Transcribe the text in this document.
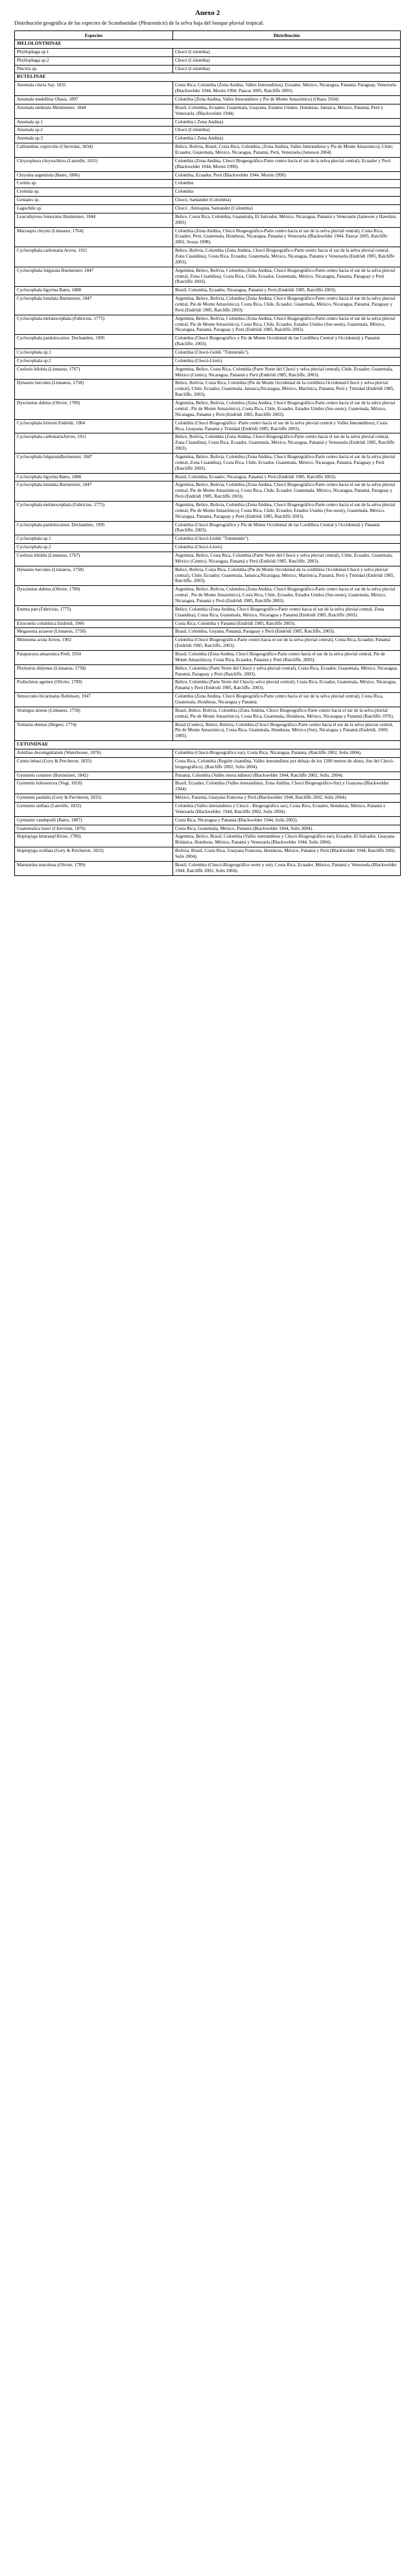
Anexo 2
Distribución geográfica de las especies de Scarabaeidae (Pleurosticti) de la selva baja del bosque pluvial tropical.
Especies	Distribución
MELOLONTHINAE	
Phyllophaga sp.1	Chocó (Colombia)
Phyllophaga sp.2	Chocó (Colombia)
Plectris sp.	Chocó (Colombia)
RUTELINAE	
Anomala cincta Say, 1835	Costa Rica, Colombia (Zona Andina, Valles Interandinos), Ecuador, México, Nicaragua, Panamá, Paraguay, Venezuela (Blackwelder 1944, Morón 1994; Paucar 2005, Ratcliffe 2003)
Anomala medellina Ohaus, 1897	Colombia (Zona Andina, Valles Interandinos y Pie de Monte Amazónico) (Ohaus 1934)
Anomala undulata Meisheimer, 1844	Brasil, Colombia, Ecuador, Guatemala, Guayana, Estados Unidos, Honduras, Jamaica, México, Panamá, Perú y Venezuela. (Blackwelder 1944)
Anomala sp.1	Colombia ( Zona Andina)
Anomala sp.2	Chocó (Colombia)
Anomala sp.3	Colombia ( Zona Andina)
Callistethus cupricolis (Chevrolat, 1834)	Belice, Bolivia, Brasil, Costa Rica, Colombia, (Zona Andina, Valles Interandinos y Pie de Monte Amazónico), Chile; Ecuador, Guatemala, México, Nicaragua, Panamá, Perú, Venezuela (Jameson 2004)
Chrysophora chrysochlora (Latreille, 1811)	Colombia (Zona Andina, Chocó Biogeográfico-Parte centro hacia el sur de la selva pluvial central), Ecuador y Perú (Blackwelder 1944, Morón 1990).
Chrysina argentiola (Bates, 1886)	Colombia, Ecuador, Perú (Blackwelder 1944, Morón 1990)
Cotinis sp.	Colombia
Cremida sp.	Colombia
Geniates sp.	Chocó, Santander (Colombia)
Lagochile sp.	Chocó , Antioquia, Santander (Colombia)
Leucothyreus femoratus Burmeister, 1844	Belice, Costa Rica, Colombia, Guatemala, El Salvador, México, Nicaragua, Panamá y Venezuela (Jameson y Hawkins, 2005)
Macraspis chrysis (Linnaeus, 1764)	Colombia (Zona Andina, Chocó Biogeográfico-Parte centro hacia el sur de la selva pluvial central), Costa Rica, Ecuador, Perú, Guatemala, Honduras, Nicaragua, Panamá y Venezuela (Blackwelder 1944, Paucar 2005, Ratcliffe 2002, Souza 1998).
Cyclocephala carbonaria Arrow, 1911	Belice, Bolivia, Colombia (Zona Andina, Chocó Biogeográfico-Parte centro hacia el sur de la selva pluvial central, Zona Cisandina), Costa Rica, Ecuador, Guatemala, México, Nicaragua, Panamá y Venezuela (Endrödi 1985, Ratcliffe 2003).
Cyclocephala fulgurata Burmeister, 1847	Argentina, Belice, Bolivia, Colombia (Zona Andina, Chocó Biogeográfico-Parte centro hacia el sur de la selva pluvial central, Zona Cisandina), Costa Rica, Chile, Ecuador, Guatemala, México, Nicaragua, Panamá, Paraguay y Perú (Ratcliffe 2003).
Cyclocephala ligyrina Bates, 1888	Brasil, Colombia, Ecuador, Nicaragua, Panamá y Perú (Endrödi 1985, Ratcliffe 2003).
Cyclocephala lunulata Burmeister, 1847	Argentina, Belice, Bolivia, Colombia (Zona Andina, Chocó Biogeográfico-Parte centro hacia el sur de la selva pluvial central, Pie de Monte Amazónico), Costa Rica, Chile, Ecuador, Guatemala, México, Nicaragua, Panamá, Paraguay y Perú (Endrödi 1985, Ratcliffe 2003).
Cyclocephala melanocephala (Fabricius, 1775)	Argentina, Belice, Bolivia, Colombia (Zona Andina, Chocó Biogeográfico-Parte centro hacia el sur de la selva pluvial central, Pie de Monte Amazónico), Costa Rica, Chile, Ecuador, Estados Unidos (Sur-oeste), Guatemala, México, Nicaragua, Panamá, Paraguay y Perú (Endrödi 1985, Ratcliffe 2003).
Cyclocephala pardolocarnor. Dechambre, 1995	Colombia (Chocó Biogeográfico y Pie de Monte Occidental de las Cordillera Central y Occidental) y Panamá (Ratcliffe, 2003).
Cyclocephala sp.1	Colombia (Chocó-Guldó "Tutunendo").
Cyclocephala sp.2	Colombia (Chocó-Lloró).
Coelosis bilobla (Linnaeus, 1767)	Argentina, Belice, Costa Rica, Colombia (Parte Norte del Chocó y selva pluvial central), Chile, Ecuador, Guatemala, México (Centro), Nicaragua, Panamá y Perú (Endrödi 1985, Ratcliffe, 2003).
Dynastes hercules (Linnaeus, 1758)	Belice, Bolivia, Costa Rica, Colombia (Pie de Monte Occidental de la cordillera Occidental-Chocó y selva pluvial central), Chile, Ecuador, Guatemala, Jamaica,Nicaragua, México, Martinica, Panamá, Perú y Trinidad (Endrödi 1985, Ratcliffe, 2003).
Dyscinetus dubius (Olivier, 1789)	Argentina, Belice, Bolivia, Colombia (Zona Andina, Chocó Biogeográfico-Parte centro hacia el sur de la selva pluvial central , Pie de Monte Amazónico), Costa Rica, Chile, Ecuador, Estados Unidos (Sur-oeste), Guatemala, México, Nicaragua, Panamá y Perú (Endrödi 1985, Ratcliffe 2003).
Cyclocephala brittoni Endrödi, 1964	Colombia (Chocó Biogeográfico -Parte centro hacia el sur de la selva pluvial central y Valles Interandinos), Costa Rica, Guayana, Panamá y Trinidad (Endrödi 1985, Ratcliffe 2003).
Cyclocephala carbonariaArrow, 1911	Belice, Bolivia, Colombia (Zona Andina, Chocó Biogeográfico-Parte centro hacia el sur de la selva pluvial central, Zona Cisandina), Costa Rica, Ecuador, Guatemala, México, Nicaragua, Panamá y Venezuela (Endrödi 1985, Ratcliffe 2003).
Cyclocephala fulgurataBurmeister, 1847	Argentina, Belice, Bolivia, Colombia (Zona Andina, Chocó Biogeográfico-Parte centro hacia el sur de la selva pluvial central, Zona Cisandina), Costa Rica, Chile, Ecuador, Guatemala, México, Nicaragua, Panamá, Paraguay y Perú (Ratcliffe 2003).
Cyclocephala ligyrina Bates, 1888	Brasil, Colombia, Ecuador, Nicaragua, Panamá y Perú (Endrödi 1985, Ratcliffe 2003).
Cyclocephala lunulata Burmeister, 1847	Argentina, Belice, Bolivia, Colombia (Zona Andina, Chocó Biogeográfico-Parte centro hacia el sur de la selva pluvial central, Pie de Monte Amazónico), Costa Rica, Chile, Ecuador, Guatemala, México, Nicaragua, Panamá, Paraguay y Perú (Endrödi 1985, Ratcliffe 2003).
Cyclocephala melanocephala (Fabricius, 1775)	Argentina, Belice, Bolivia, Colombia (Zona Andina, Chocó Biogeográfico-Parte centro hacia el sur de la selva pluvial central, Pie de Monte Amazónico), Costa Rica, Chile, Ecuador, Estados Unidos (Sur-oeste), Guatemala, México, Nicaragua, Panamá, Paraguay y Perú (Endrödi 1985, Ratcliffe 2003).
Cyclocephala pardolocarnor. Dechambre, 1995	Colombia (Chocó Biogeográfico y Pie de Monte Occidental de las Cordillera Central y Occidental) y Panamá (Ratcliffe, 2003).
Cyclocephala sp.1	Colombia (Chocó-Guldó "Tutunendo").
Cyclocephala sp.2	Colombia (Chocó-Lloró).
Coelosis bilobla (Linnaeus, 1767)	Argentina, Belice, Costa Rica, Colombia (Parte Norte del Chocó y selva pluvial central), Chile, Ecuador, Guatemala, México (Centro), Nicaragua, Panamá y Perú (Endrödi 1985, Ratcliffe, 2003).
Dynastes hercules (Linnaeus, 1758)	Belice, Bolivia, Costa Rica, Colombia (Pie de Monte Occidental de la cordillera Occidental-Chocó y selva pluvial central), Chile, Ecuador, Guatemala, Jamaica,Nicaragua, México, Martinica, Panamá, Perú y Trinidad (Endrödi 1985, Ratcliffe, 2003).
Dyscinetus dubius (Olivier, 1789)	Argentina, Belice, Bolivia, Colombia (Zona Andina, Chocó Biogeográfico-Parte centro hacia el sur de la selva pluvial central , Pie de Monte Amazónico), Costa Rica, Chile, Ecuador, Estados Unidos (Sur-oeste), Guatemala, México, Nicaragua, Panamá y Perú (Endrödi 1985, Ratcliffe 2003).
Enema pan (Fabricius, 1775)	Belice, Colombia (Zona Andina, Chocó Biogeográfico-Parte centro hacia el sur de la selva pluvial central, Zona Cisandina), Costa Rica, Guatemala, México, Nicaragua y Panamá (Endrodi 1985, Ratcliffe 2003).
Eriocoelis columbica Endrödi, 1966	Costa Rica, Colombia y Panamá (Endrödi 1985, Ratcliffe 2003).
Megasoma actaeon (Linnaeus, 1758)	Brasil, Colombia, Guyana, Panamá, Paraguay y Perú (Endrödi 1985, Ratcliffe, 2003).
Mimeoma acuta Arrow, 1902	Colombia (Chocó Biogeográfico-Parte centro hacia el sur de la selva pluvial central), Costa Rica, Ecuador, Panamá (Endrödi 1985, Ratcliffe, 2003).
Parapucaya amazonica Prell, 1934	Brasil, Colombia (Zona Andina, Chocó Biogeográfico-Parte centro hacia el sur de la selva pluvial central, Pie de Monte Amazónico), Costa Rica, Ecuador, Panamá y Perú (Ratcliffe, 2003).
Phyleurus didymus (Linnaeus, 1758)	Belice, Colombia (Parte Norte del Chocó y selva pluvial central), Costa Rica, Ecuador, Guatemala, México, Nicaragua, Panamá, Paraguay y Perú (Ratcliffe, 2003).
Podischnus ageinor (Olivier, 1789)	Belice, Colombia (Parte Norte del Chocóy selva pluvial central), Costa Rica, Ecuador, Guatemala, México, Nicaragua, Panamá y Perú (Endrodi 1985, Ratcliffe, 2003).
Stenocrates bicarinatus Robinson, 1947	Colombia (Zona Andina, Chocó Biogeográfico-Parte centro hacia el sur de la selva pluvial central), Costa Rica, Guatemala, Honduras, Nicaragua y Panamá.
Strategus aloeus (Linnaeus, 1758)	Brasil, Belice, Bolivia, Colombia (Zona Andina, Chocó Biogeográfico-Parte centro hacia el sur de la selva pluvial central, Pie de Monte Amazónico), Costa Rica, Guatemala, Honduras, México, Nicaragua y Panamá (Ratcliffe 1976).
Tomarus ebenus (Degeer, 1774)	Brasil (Centro), Belice, Bolivia, Colombia (Chocó Biogeográfico-Parte centro hacia el sur de la selva pluvial central, Pie de Monte Amazónico), Costa Rica, Guatemala, Honduras, México (Sur), Nicaragua y Panamá (Endrödi, 1969; 1985).
CETONIINAE	
Amithao decemguttatum (Waterhouse, 1876)	Colombia (Chocó-Biogeográfico sur), Costa Rica, Nicaragua, Panamá, (Ratcliffe 2002, Solis 2004).
Cotnis lebasi (Gory & Percheron, 1833)	Costa Rica, Colombia (Región cisandina, Valles interandinos por debajo de los 1200 metros de altura ,Sur del Chocó-biogeográfico). (Ratcliffe 2002, Solis 2004).
Gymnetis cotunior (Burmeister, 1842)	Panamá, Colombia (Valles intera ndinos) (Blackwelder 1944, Ratcliffe 2002, Solis, 2004).
Gymnetis holosericea (Vogt, 1818)	Brasil, Ecuador, Colombia (Valles interandinos, Zona Andina, Chocó Biogeográfico-Sur) y Guayana (Blackwelder 1944).
Gymnetis pardalis (Gory & Percheron, 1833)	México, Panamá, Guayana Francesa y Perú (Blackwelder 1944, Ratcliffe 2002, Solis 2004).
Gymnetis stellata (Latreille, 1833)	Colombia (Valles interandinos y Chocó - Biogeográfico sur), Costa Rica, Ecuador, Honduras, México, Panamá y Venezuela (Blackwelder, 1944, Ratcliffe 2002, Solis 2004).
Gymnetis vandepolli (Bates, 1887)	Costa Rica, Nicaragua y Panamá (Blackwelder 1944, Solis 2002).
Guatemalica hoeri (Chevrolat, 1870)	Costa Rica, Guatemala, México, Panamá (Blackwelder 1944, Solis 2004).
Hoplopyga biturata(Olivier, 1789)	Argentina, Belice, Brasil, Colombia (Valles interandinos y Chocó-Biogeográfico sur), Ecuador, El Salvador, Guayana Británica, Honduras, México, Panamá y Venezuela (Blackwelder 1944, Solis 2004).
Hoplopyga ocellata (Gory & Percheron, 1833)	Bolivia, Brasil, Costa Rica, Guayana Francesa, Honduras, México, Panamá y Perú (Blackwelder 1944, Ratcliffe 2002, Solis 2004).
Marmarina maculosa (Olivier, 1789)	Brasil, Colombia (Chocó-Biogeográfico norte y sur), Costa Rica, Ecuador, México, Panamá y Venezuela (Blackwelder 1944, Ratcliffe 2002, Solis 2004).
